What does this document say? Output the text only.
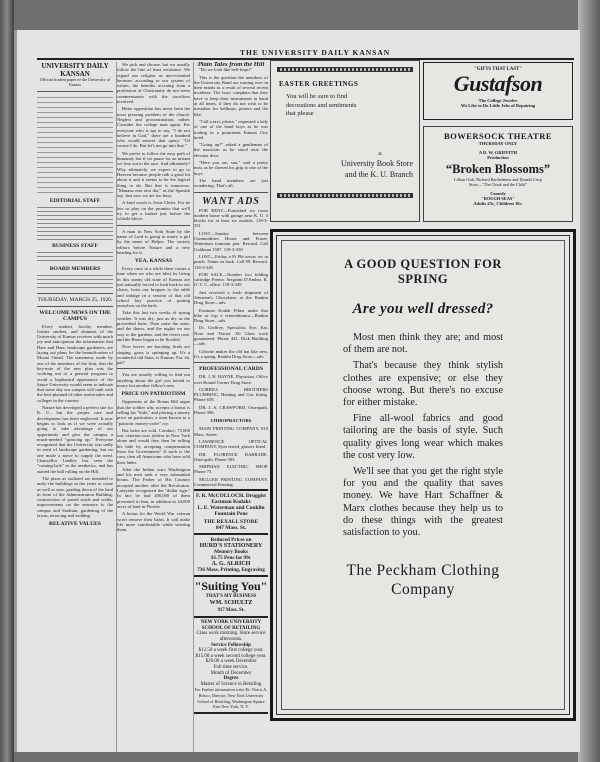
THE UNIVERSITY DAILY KANSAN
UNIVERSITY DAILY KANSAN
Official student paper of the University of Kansas
EDITORIAL STAFF
BUSINESS STAFF
BOARD MEMBERS
THURSDAY, MARCH 25, 1920.
WELCOME NEWS ON THE CAMPUS

Every student, faculty member, former student, and alumnus of the University of Kansas receives with much joy and anticipation the information that Hare and Hare, landscape gardeners, are laying out plans for the beautification of Mount Oread. The statement, made by one of the members of the firm, that the key-note of the new plan was the working out of a general program to avoid a haphazard appearance of the future University would seem to indicate that some day our campus will rank with the best-planned of other universities and colleges in the country.

Nature has developed a perfect site for K. U., but the proper care and development has been neglected. It now begins to look as if we were actually going to take advantage of our opportunity and give the campus a much-needed "sprucing up." Everyone recognized that the University was sadly in need of landscape gardening, but no one made a move to supply the need. Chancellor Lindley has seen the "coming-lack" in the aesthetics, and has started the ball rolling on the Hill.

The plans as outlined are intended to unify the buildings in the years to come as well as now, grading down of the land in front of the Administration Building, construction of paved roads and walks, improvements on the entrance to the campus and Stadium, gardening of the lawns, terracing and sodding.

RELATIVE VALUES

We pick and choose, but we usually follow the line of least resistance. We regard our religion as non-essential because, according to our system of values, the benefits accruing from a profession of Christianity do not seem commensurate with the sacrifices involved.

Bitter opposition has never been the most pressing problem of the church. Neglect and procrastination, rather. Consider the college man again. For everyone who is apt to say, "I do not believe in God," there are a hundred who would answer that query: "Of course I do. But let's not go into that."

We prefer to follow the easy path of humanity but if we pause for an instant we lose out to the race. And ultimately? Why ultimately, we expect to go to Heaven because people talk a good bit about it and it seems to be the logical thing to do. But that is tomorrow. "Manana esta otra dia," as the Spanish say. Just now we are too busy.

A kind coach is Jesus Christ. For he lets us play on the promise that we'll try to get a basket just before the whistle blows.

A man in New York State by the name of Lord is going to marry a girl by the name of Helper. The society editors before Nature and a new heading for it.

YEA, KANSAS

Every once in a while there comes a time when we who are blest by living in this sunny old state of Kansas are just naturally forced to look back in our chairs, hoist our brogues to the table and indulge in a session of that old school boy practice of putting ourselves on the back.

Take this last two weeks of spring weather. It was dry, just as dry as the proverbial bone. Then came the rains, and the thaws, and the nights on our way to the gardens, and the rivers rose, and the Bares began to be flooded.

Now leaves are bursting, birds are singing, grass is springing up. It's a wonderful old State, is Kansas. Fat, eh, pal?

You are usually willing to find out anything about the girl you intend to marry but another fellow's new.

PRICE ON PATRIOTISM

Opponents of the Bonus Bill argue that the soldier who accepts a bonus is selling his "hide," and placing a money price on patriotism, a man known to a "patriotic money-order" cry.

But bales are sold. Conduct; 75,000 war veterans now jobless in New York alone and would they then be selling his hide by accepting compensation from the Government? If such is the case, then all Americans who have sold their hides.

After the Indian wars Washington and his men took a very substantial bonus. The Father of His Country accepted another after the Revolution. Lafayette recognized the "dollar sign." In fact he had 200,000 of them presented to him, in addition to 24,000 acres of land in Florida.

A bonus for the World War veteran won't remove their halos. It will make life more comfortable while wearing them.

Plain Tales from the Hill

"Do we look like bell-hops?"

This is the question the members of the University Band are turning over in their minds as a result of several recent incidents. The boys complain that they have to keep their instruments in hand at all times, if they do not wish to be mistaken for bellhops, porters and the like.

"Call a taxi, please," requested a lady of one of the band boys as he was loafing in a prominent Kansas City hotel.

"Going up?" asked a gentleman of the musician as he stood near the elevator door.

"Here you are, son," said a pretty miss as he shoved his grip at one of the boys.

The band members are just wondering. That's all.

WANT ADS

FOR RENT—Furnished six room modern home with garage near K. U. 3 blocks for at least six months. 118-3-351

LOST—Sunday between Commodities House and Fraser, Waterman fountain pen. Reward. Call Goldman 1587. 118-3-350

LOST—Friday a Pi Phi arrow set in pearls. Name on back. Call 99. Reward. 118-3-349

FOR SALE—Number two folding cartridge Premo. Sergeant D'Ambra. R. O. T. C. office. 118-3-349

Just received a fresh shipment of Johnston's Chocolates at the Rankin Drug Store—adv.

Eastman Kodak Films make that hike or trip a remembrance—Rankin Drug Store—adv.

Dr. Godfrey, Specialist, Eye, Ear, Nose and Throat. All Glass work guaranteed. Phone 441. Dick Building—adv.

Colorite makes the old hat like new. It's a spring. Rankin Drug Store—adv.

PROFESSIONAL CARDS

DR. J. R. BAYNE, Physician. Office over Round Corner Drug Store.

GORRILL BROTHERS PLUMBING, Heating and Gas fitting. Phone 658.

DR. J. A. CRAWFORD, Osteopath. Phone 396.

CHIROPRACTORS

MAIN PRINTING COMPANY, 810 Mass. Street.

LAWRENCE OPTICAL COMPANY, Eyes tested, glasses fitted.

DR. FLORENCE BARRADE, Osteopath. Phone 303.

SHIPMAN ELECTRIC SHOP. Phone 75.

MULLER PRINTING COMPANY. Commercial Printing.

F. R. McCOLLOCH. Druggist
Eastman Kodaks
L. E. Waterman and Conklin Fountain Pens
THE REXALL STORE
847 Mass. St.
Reduced Prices on
HURD'S STATIONERY
Memory Books
$1.75 Pens for 99c
A. G. ALRICH
736 Mass. Printing, Engraving
"Suiting You"
THAT'S MY BUSINESS
WM. SCHULTZ
917 Mass. St.
NEW YORK UNIVERSITY
SCHOOL OF RETAILING
Class work morning. Store service afternoons.
Service Fellowship
$12.50 a week first college year. $15.00 a week second college year. $20.00 a week December
Full time service.
Month of December
Degree
Master of Science in Retailing
For Further information write Dr. Norris A. Brisco, Director, New York University School of Retailing, Washington Square East New York, N. Y.
EASTER GREETINGS
You will be sure to find decorations and sentiments that please
at
University Book Store
and the K. U. Branch
"GIFTS THAT LAST"
Gustafson
The College Jeweler
We Like to Do Little Jobs of Repairing
BOWERSOCK THEATRE
THURSDAY ONLY
A D. W. GRIFFITH
Production
“Broken Blossoms”
Lillian Gish, Richard Barthelmess and Donald Crisp
Story—"The Chink and the Child"
Comedy
"ROUGH SEAS"
Adults 25c, Children 10c.
A GOOD QUESTION FOR SPRING
Are you well dressed?

Most men think they are; and most of them are not.

That's because they think stylish clothes are expensive; or else they choose wrong. But there's no excuse for either mistake.

Fine all-wool fabrics and good tailoring are the basis of style. Such quality gives long wear which makes the cost very low.

We'll see that you get the right style for you and the quality that saves money. We have Hart Schaffner & Marx clothes because they help us to do these things with the greatest satisfaction to you.

The Peckham Clothing Company
